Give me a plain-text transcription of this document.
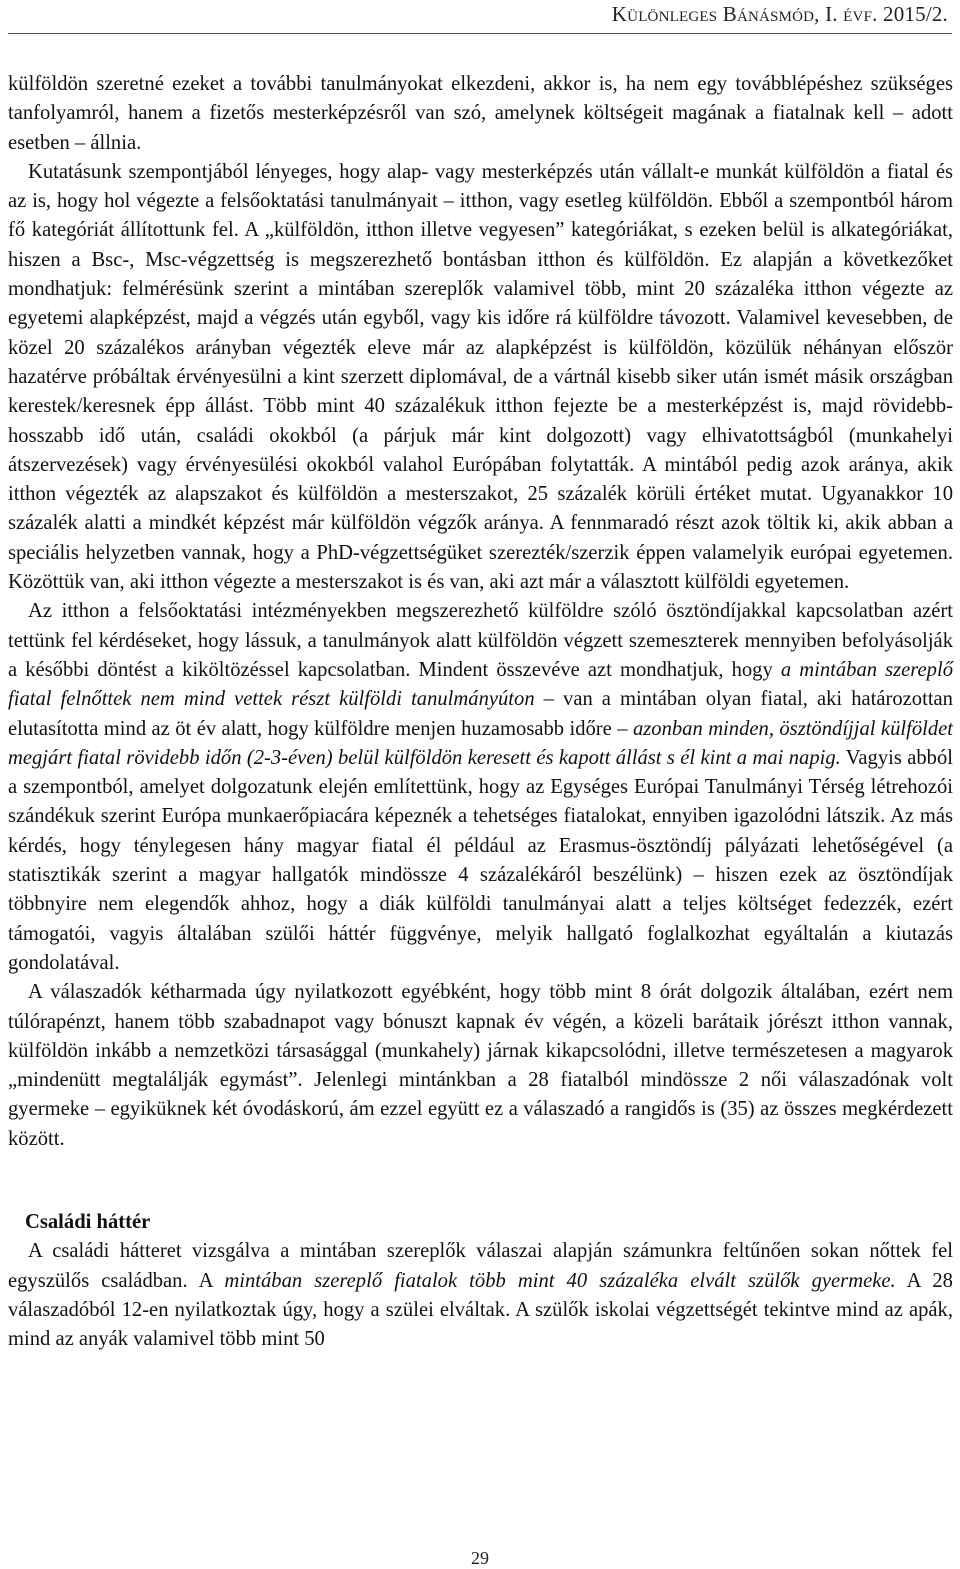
Különleges Bánásmód, I. évf. 2015/2.

külföldön szeretné ezeket a további tanulmányokat elkezdeni, akkor is, ha nem egy továbblépéshez szükséges tanfolyamról, hanem a fizetős mesterképzésről van szó, amelynek költségeit magának a fiatalnak kell – adott esetben – állnia.

Kutatásunk szempontjából lényeges, hogy alap- vagy mesterképzés után vállalt-e munkát külföldön a fiatal és az is, hogy hol végezte a felsőoktatási tanulmányait – itthon, vagy esetleg külföldön. Ebből a szempontból három fő kategóriát állítottunk fel. A „külföldön, itthon illetve vegyesen” kategóriákat, s ezeken belül is alkategóriákat, hiszen a Bsc-, Msc-végzettség is megszerezhető bontásban itthon és külföldön. Ez alapján a következőket mondhatjuk: felmérésünk szerint a mintában szereplők valamivel több, mint 20 százaléka itthon végezte az egyetemi alapképzést, majd a végzés után egyből, vagy kis időre rá külföldre távozott. Valamivel kevesebben, de közel 20 százalékos arányban végezték eleve már az alapképzést is külföldön, közülük néhányan először hazatérve próbáltak érvényesülni a kint szerzett diplomával, de a vártnál kisebb siker után ismét másik országban kerestek/keresnek épp állást. Több mint 40 százalékuk itthon fejezte be a mesterképzést is, majd rövidebb-hosszabb idő után, családi okokból (a párjuk már kint dolgozott) vagy elhivatottságból (munkahelyi átszervezések) vagy érvényesülési okokból valahol Európában folytatták. A mintából pedig azok aránya, akik itthon végezték az alapszakot és külföldön a mesterszakot, 25 százalék körüli értéket mutat. Ugyanakkor 10 százalék alatti a mindkét képzést már külföldön végzők aránya. A fennmaradó részt azok töltik ki, akik abban a speciális helyzetben vannak, hogy a PhD-végzettségüket szerezték/szerzik éppen valamelyik európai egyetemen. Közöttük van, aki itthon végezte a mesterszakot is és van, aki azt már a választott külföldi egyetemen.

Az itthon a felsőoktatási intézményekben megszerezhető külföldre szóló ösztöndíjakkal kapcsolatban azért tettünk fel kérdéseket, hogy lássuk, a tanulmányok alatt külföldön végzett szemeszterek mennyiben befolyásolják a későbbi döntést a kiköltözéssel kapcsolatban. Mindent összevéve azt mondhatjuk, hogy a mintában szereplő fiatal felnőttek nem mind vettek részt külföldi tanulmányúton – van a mintában olyan fiatal, aki határozottan elutasította mind az öt év alatt, hogy külföldre menjen huzamosabb időre – azonban minden, ösztöndíjjal külföldet megjárt fiatal rövidebb időn (2-3-éven) belül külföldön keresett és kapott állást s él kint a mai napig. Vagyis abból a szempontból, amelyet dolgozatunk elején említettünk, hogy az Egységes Európai Tanulmányi Térség létrehozói szándékuk szerint Európa munkaerőpiacára képeznék a tehetséges fiatalokat, ennyiben igazolódni látszik. Az más kérdés, hogy ténylegesen hány magyar fiatal él például az Erasmus-ösztöndíj pályázati lehetőségével (a statisztikák szerint a magyar hallgatók mindössze 4 százalékáról beszélünk) – hiszen ezek az ösztöndíjak többnyire nem elegendők ahhoz, hogy a diák külföldi tanulmányai alatt a teljes költséget fedezzék, ezért támogatói, vagyis általában szülői háttér függvénye, melyik hallgató foglalkozhat egyáltalán a kiutazás gondolatával.

A válaszadók kétharmada úgy nyilatkozott egyébként, hogy több mint 8 órát dolgozik általában, ezért nem túlórapénzt, hanem több szabadnapot vagy bónuszt kapnak év végén, a közeli barátaik jórészt itthon vannak, külföldön inkább a nemzetközi társasággal (munkahely) járnak kikapcsolódni, illetve természetesen a magyarok „mindenütt megtalálják egymást”. Jelenlegi mintánkban a 28 fiatalból mindössze 2 női válaszadónak volt gyermeke – egyiküknek két óvodáskorú, ám ezzel együtt ez a válaszadó a rangidős is (35) az összes megkérdezett között.

Családi háttér

A családi hátteret vizsgálva a mintában szereplők válaszai alapján számunkra feltűnően sokan nőttek fel egyszülős családban. A mintában szereplő fiatalok több mint 40 százaléka elvált szülők gyermeke. A 28 válaszadóból 12-en nyilatkoztak úgy, hogy a szülei elváltak. A szülők iskolai végzettségét tekintve mind az apák, mind az anyák valamivel több mint 50

29
